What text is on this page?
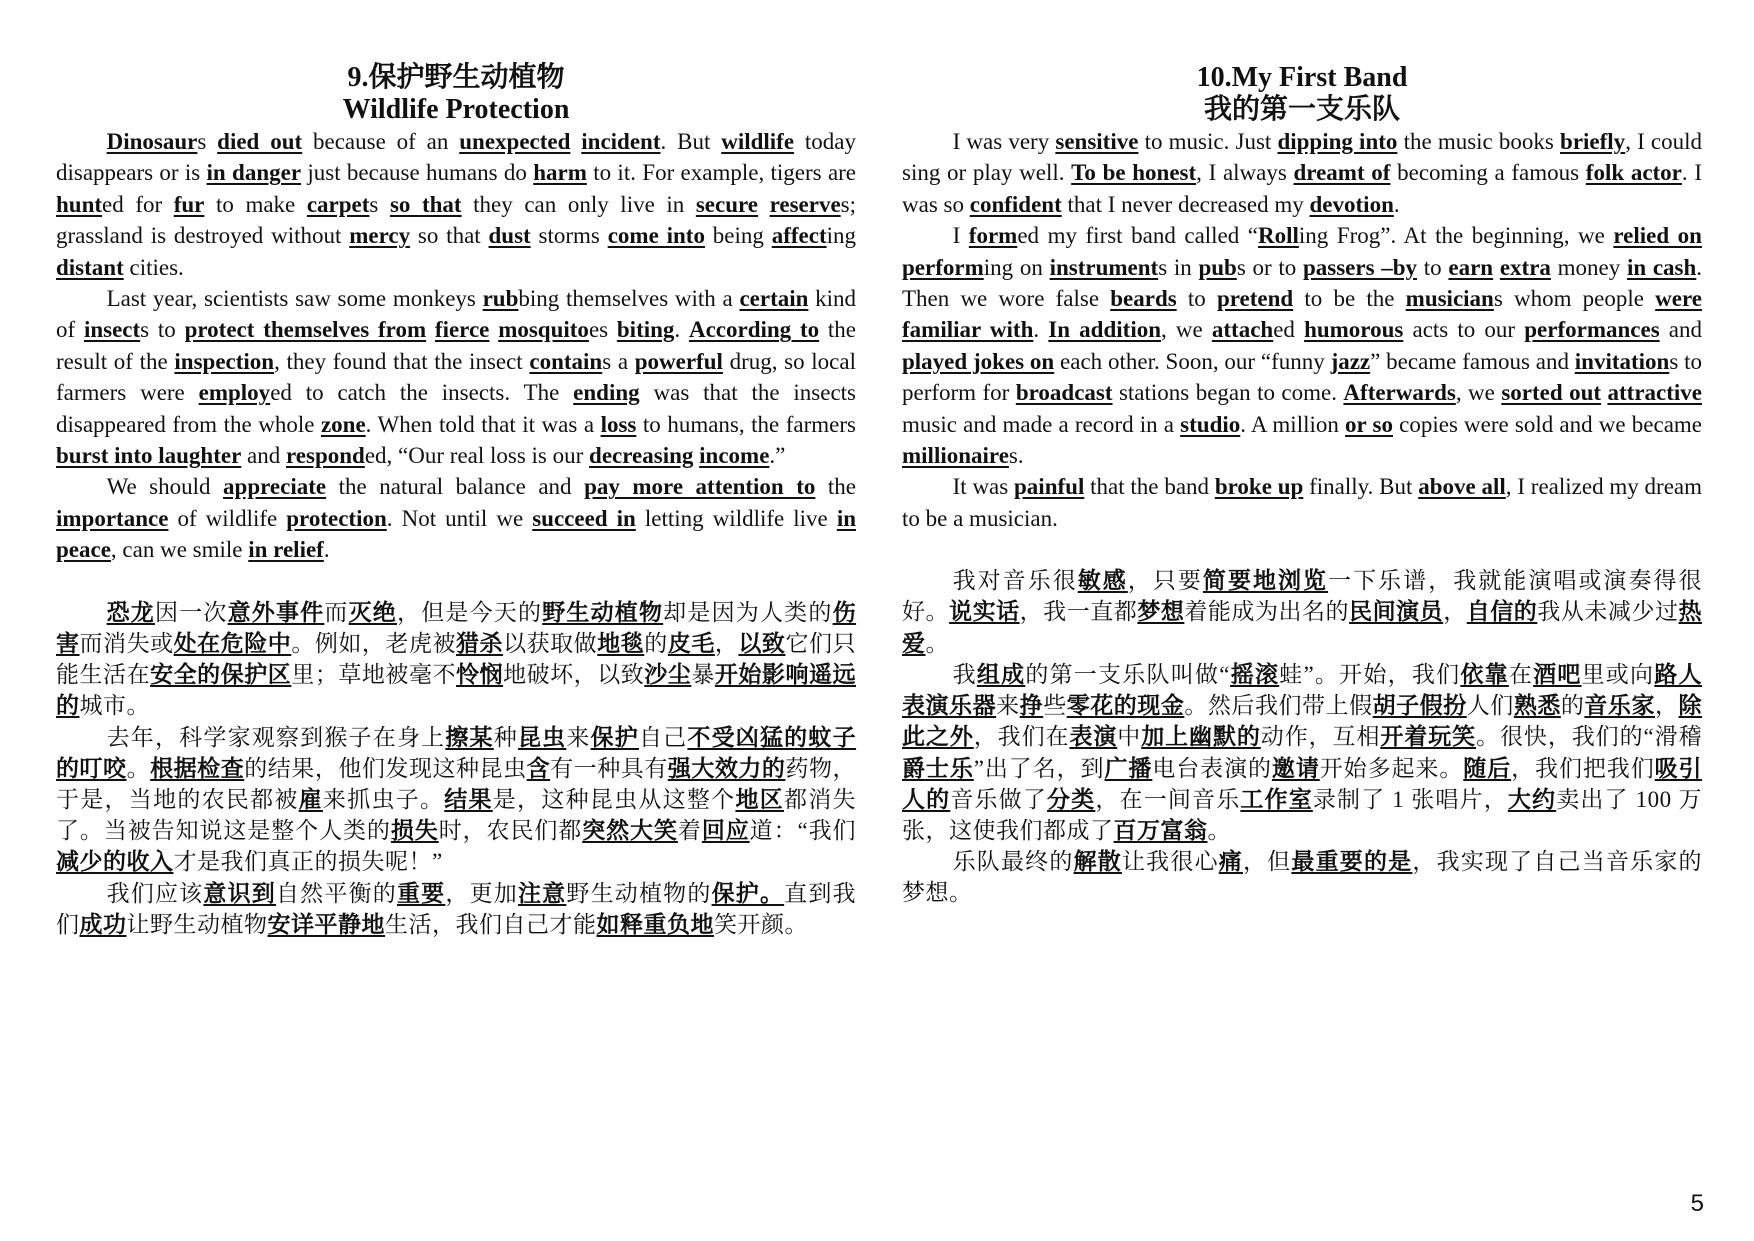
9.保护野生动植物
Wildlife Protection

Dinosaurs died out because of an unexpected incident. But wildlife today disappears or is in danger just because humans do harm to it. For example, tigers are hunted for fur to make carpets so that they can only live in secure reserves; grassland is destroyed without mercy so that dust storms come into being affecting distant cities.

Last year, scientists saw some monkeys rubbing themselves with a certain kind of insects to protect themselves from fierce mosquitoes biting. According to the result of the inspection, they found that the insect contains a powerful drug, so local farmers were employed to catch the insects. The ending was that the insects disappeared from the whole zone. When told that it was a loss to humans, the farmers burst into laughter and responded, “Our real loss is our decreasing income.”

We should appreciate the natural balance and pay more attention to the importance of wildlife protection. Not until we succeed in letting wildlife live in peace, can we smile in relief.

恐龙因一次意外事件而灭绝，但是今天的野生动植物却是因为人类的伤害而消失或处在危险中。例如，老虎被猎杀以获取做地毯的皮毛，以致它们只能生活在安全的保护区里；草地被毫不怜悯地破坏，以致沙尘暴开始影响遥远的城市。

去年，科学家观察到猴子在身上擦某种昆虫来保护自己不受凶猛的蚊子的叮咬。根据检查的结果，他们发现这种昆虫含有一种具有强大效力的药物，于是，当地的农民都被雇来抓虫子。结果是，这种昆虫从这整个地区都消失了。当被告知说这是整个人类的损失时，农民们都突然大笑着回应道：“我们减少的收入才是我们真正的损失呢！”

我们应该意识到自然平衡的重要，更加注意野生动植物的保护。直到我们成功让野生动植物安详平静地生活，我们自己才能如释重负地笑开颜。

10.My First Band
我的第一支乐队

I was very sensitive to music. Just dipping into the music books briefly, I could sing or play well. To be honest, I always dreamt of becoming a famous folk actor. I was so confident that I never decreased my devotion.

I formed my first band called “Rolling Frog”. At the beginning, we relied on performing on instruments in pubs or to passers –by to earn extra money in cash. Then we wore false beards to pretend to be the musicians whom people were familiar with. In addition, we attached humorous acts to our performances and played jokes on each other. Soon, our “funny jazz” became famous and invitations to perform for broadcast stations began to come. Afterwards, we sorted out attractive music and made a record in a studio. A million or so copies were sold and we became millionaires.

It was painful that the band broke up finally. But above all, I realized my dream to be a musician.

我对音乐很敏感，只要简要地浏览一下乐谱，我就能演唱或演奏得很好。说实话，我一直都梦想着能成为出名的民间演员，自信的我从未减少过热爱。

我组成的第一支乐队叫做“摇滚蛙”。开始，我们依靠在酒吧里或向路人表演乐器来挣些零花的现金。然后我们带上假胡子假扮人们熟悉的音乐家，除此之外，我们在表演中加上幽默的动作，互相开着玩笑。很快，我们的“滑稽爵士乐”出了名，到广播电台表演的邀请开始多起来。随后，我们把我们吸引人的音乐做了分类，在一间音乐工作室录制了 1 张唱片，大约卖出了 100 万张，这使我们都成了百万富翁。

乐队最终的解散让我很心痛，但最重要的是，我实现了自己当音乐家的梦想。

5
